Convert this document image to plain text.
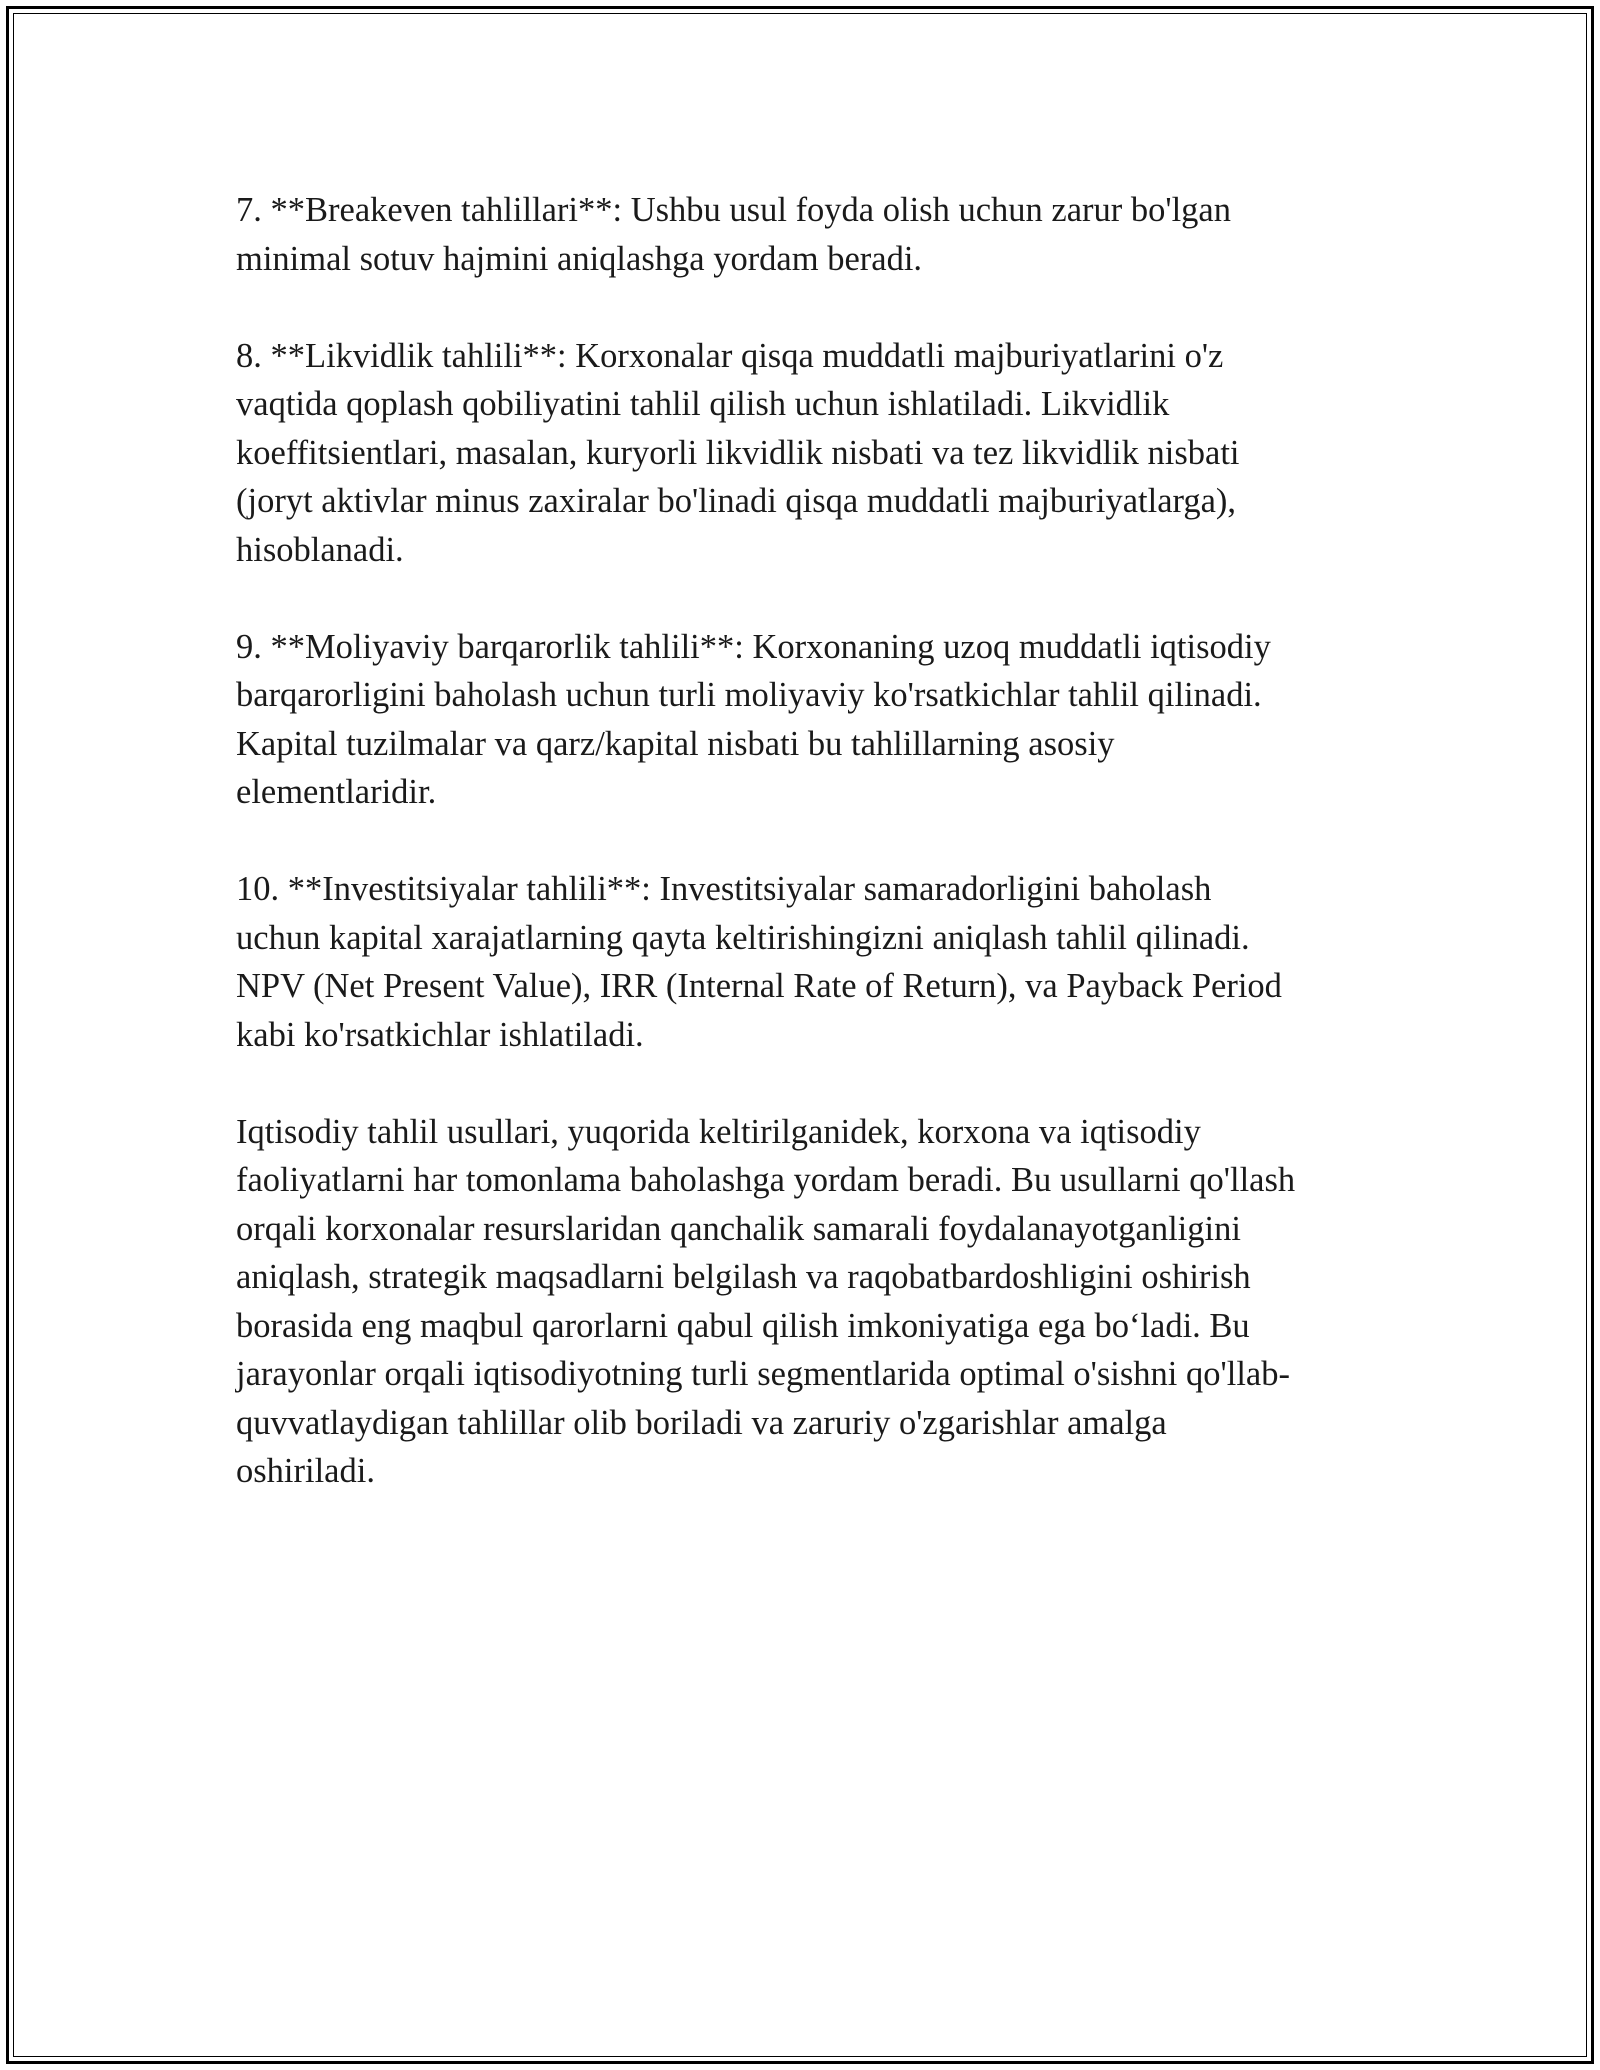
7. **Breakeven tahlillari**: Ushbu usul foyda olish uchun zarur bo'lgan
minimal sotuv hajmini aniqlashga yordam beradi.

8. **Likvidlik tahlili**: Korxonalar qisqa muddatli majburiyatlarini o'z
vaqtida qoplash qobiliyatini tahlil qilish uchun ishlatiladi. Likvidlik
koeffitsientlari, masalan, kuryorli likvidlik nisbati va tez likvidlik nisbati
(joryt aktivlar minus zaxiralar bo'linadi qisqa muddatli majburiyatlarga),
hisoblanadi.

9. **Moliyaviy barqarorlik tahlili**: Korxonaning uzoq muddatli iqtisodiy
barqarorligini baholash uchun turli moliyaviy ko'rsatkichlar tahlil qilinadi.
Kapital tuzilmalar va qarz/kapital nisbati bu tahlillarning asosiy
elementlaridir.

10. **Investitsiyalar tahlili**: Investitsiyalar samaradorligini baholash
uchun kapital xarajatlarning qayta keltirishingizni aniqlash tahlil qilinadi.
NPV (Net Present Value), IRR (Internal Rate of Return), va Payback Period
kabi ko'rsatkichlar ishlatiladi.

Iqtisodiy tahlil usullari, yuqorida keltirilganidek, korxona va iqtisodiy
faoliyatlarni har tomonlama baholashga yordam beradi. Bu usullarni qo'llash
orqali korxonalar resurslaridan qanchalik samarali foydalanayotganligini
aniqlash, strategik maqsadlarni belgilash va raqobatbardoshligini oshirish
borasida eng maqbul qarorlarni qabul qilish imkoniyatiga ega bo‘ladi. Bu
jarayonlar orqali iqtisodiyotning turli segmentlarida optimal o'sishni qo'llab-
quvvatlaydigan tahlillar olib boriladi va zaruriy o'zgarishlar amalga
oshiriladi.
